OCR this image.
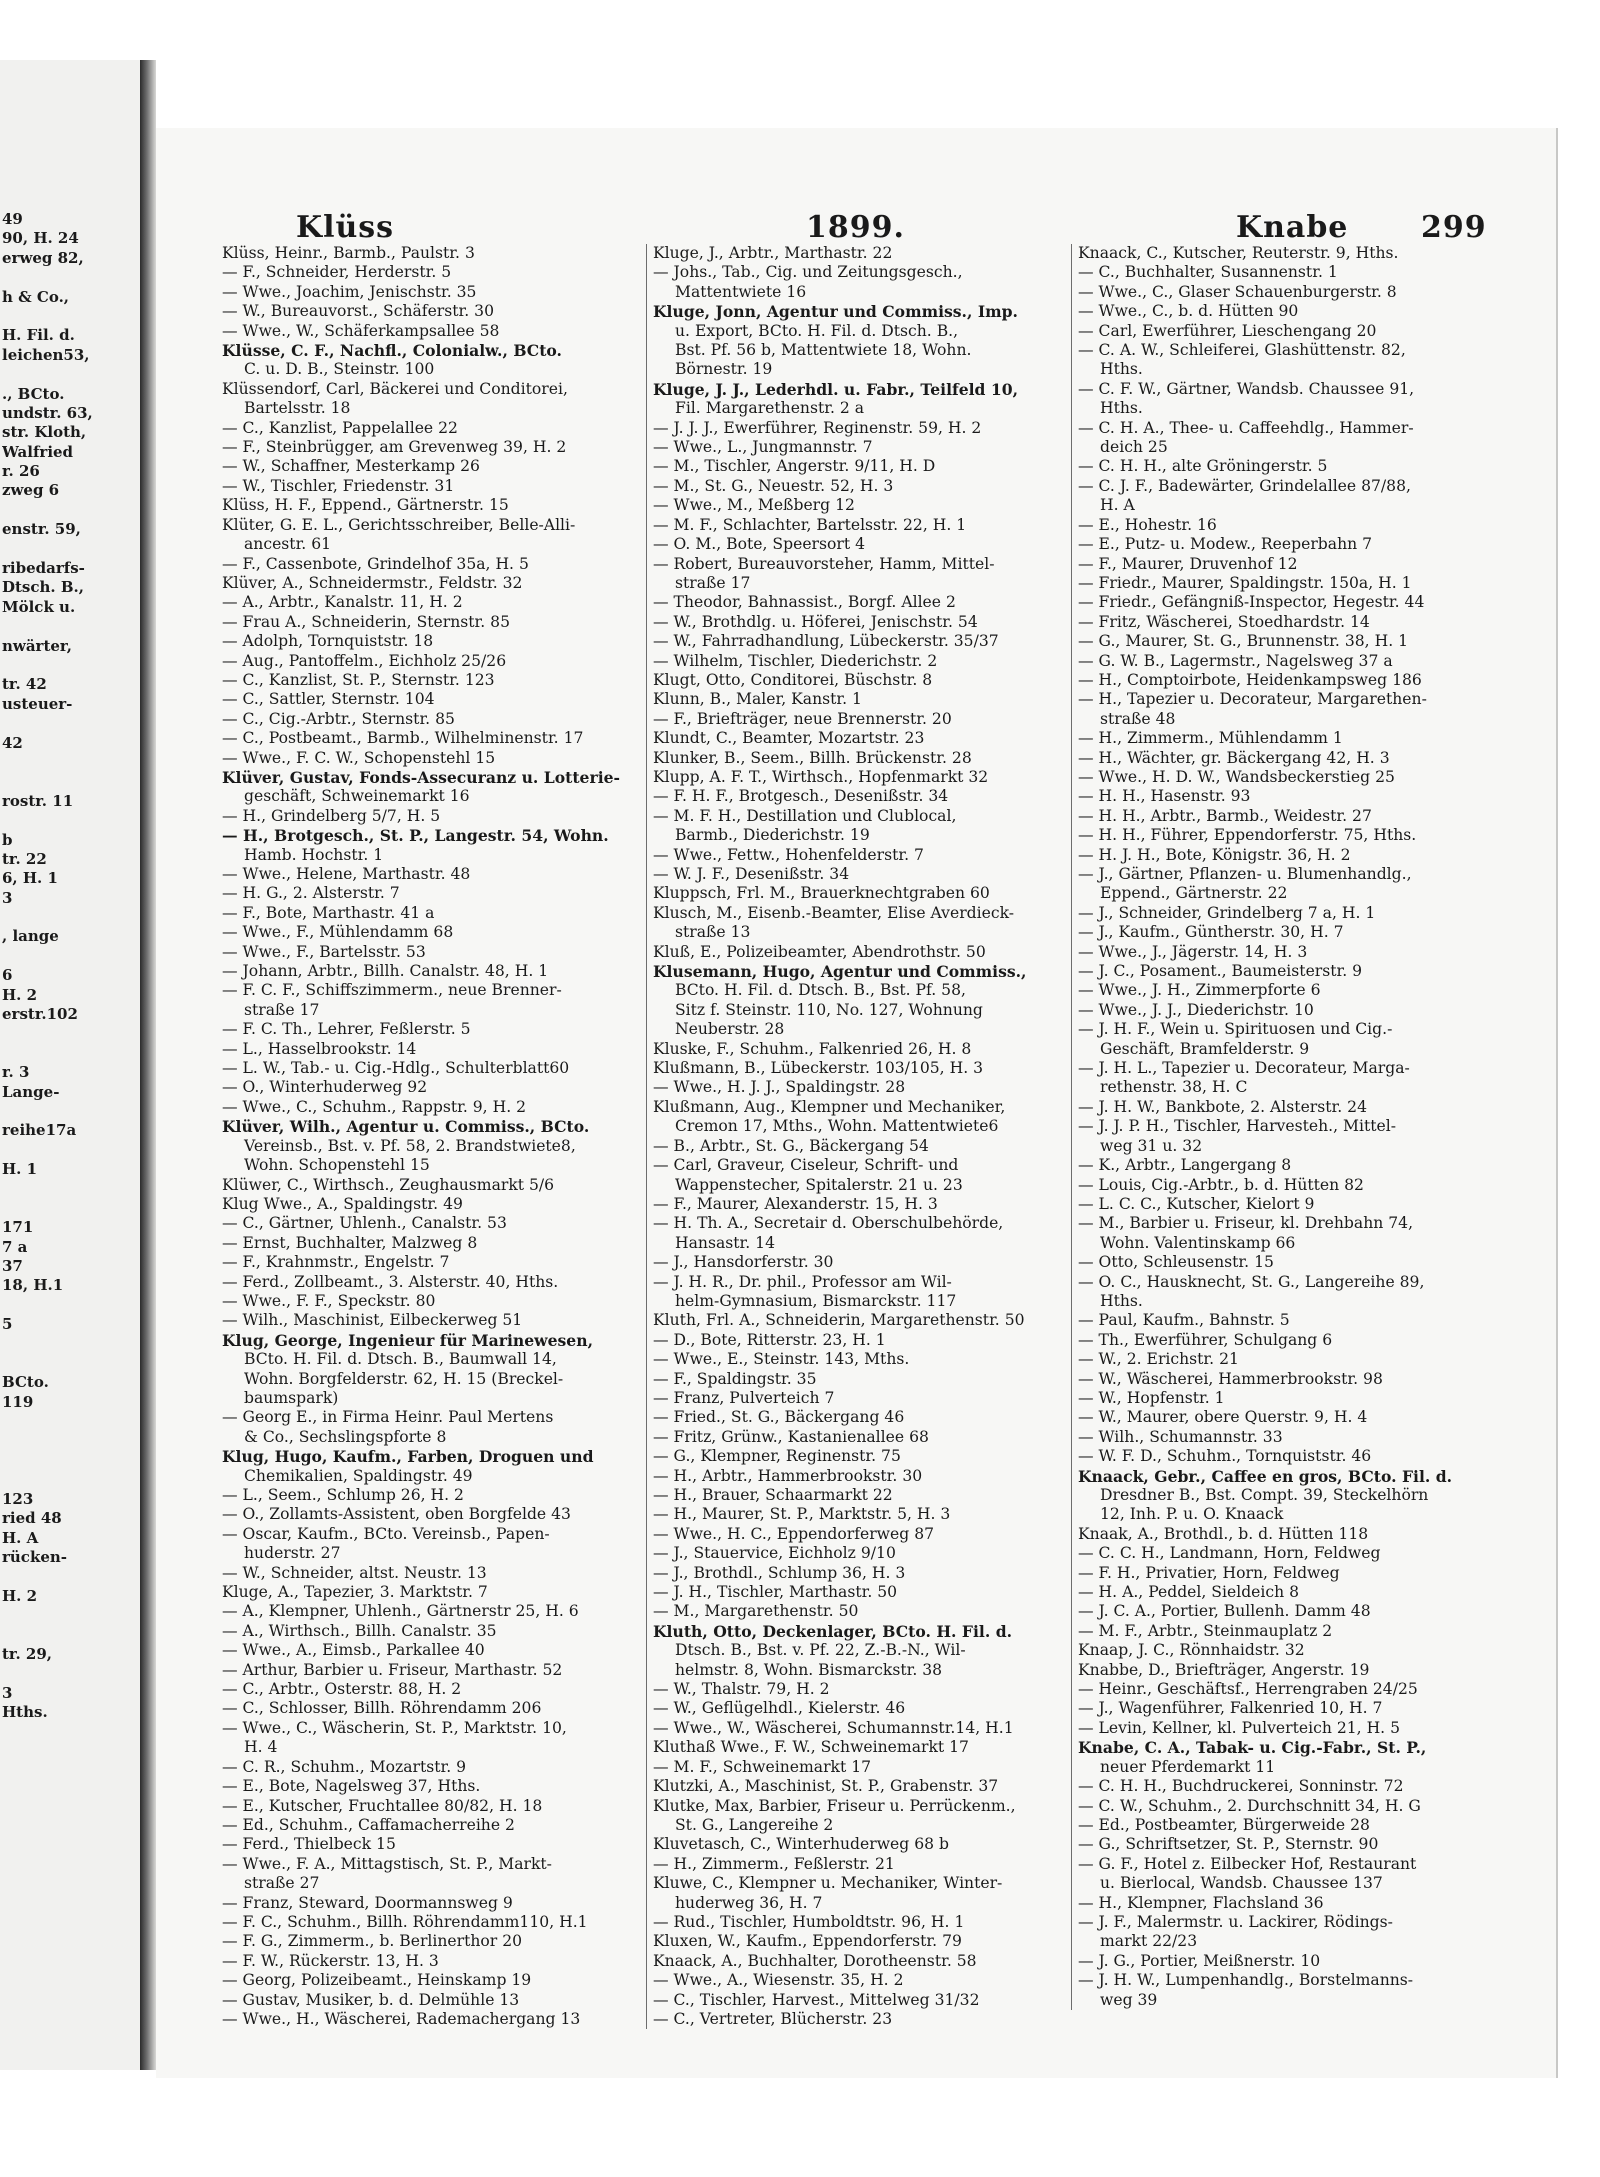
49
90, H. 24
erweg 82,
h & Co.,
H. Fil. d.
leichen53,
., BCto.
undstr. 63,
str. Kloth,
Walfried
r. 26
zweg 6
enstr. 59,
ribedarfs-
Dtsch. B.,
Mölck u.
nwärter,
tr. 42
usteuer-
42
rostr. 11
b
tr. 22
6, H. 1
3
, lange
6
H. 2
erstr.102
r. 3
Lange-
reihe17a
H. 1
171
7 a
37
18, H.1
5
BCto.
119
123
ried 48
H. A
rücken-
H. 2
tr. 29,
3
Hths.
Klüss	1899.	Knabe 299
Klüss, Heinr., Barmb., Paulstr. 3
— F., Schneider, Herderstr. 5
— Wwe., Joachim, Jenischstr. 35
— W., Bureauvorst., Schäferstr. 30
— Wwe., W., Schäferkampsallee 58
Klüsse, C. F., Nachfl., Colonialw., BCto.
C. u. D. B., Steinstr. 100
Klüssendorf, Carl, Bäckerei und Conditorei,
Bartelsstr. 18
— C., Kanzlist, Pappelallee 22
— F., Steinbrügger, am Grevenweg 39, H. 2
— W., Schaffner, Mesterkamp 26
— W., Tischler, Friedenstr. 31
Klüss, H. F., Eppend., Gärtnerstr. 15
Klüter, G. E. L., Gerichtsschreiber, Belle-Alli-
ancestr. 61
— F., Cassenbote, Grindelhof 35a, H. 5
Klüver, A., Schneidermstr., Feldstr. 32
— A., Arbtr., Kanalstr. 11, H. 2
— Frau A., Schneiderin, Sternstr. 85
— Adolph, Tornquiststr. 18
— Aug., Pantoffelm., Eichholz 25/26
— C., Kanzlist, St. P., Sternstr. 123
— C., Sattler, Sternstr. 104
— C., Cig.-Arbtr., Sternstr. 85
— C., Postbeamt., Barmb., Wilhelminenstr. 17
— Wwe., F. C. W., Schopenstehl 15
Klüver, Gustav, Fonds-Assecuranz u. Lotterie-
geschäft, Schweinemarkt 16
— H., Grindelberg 5/7, H. 5
— H., Brotgesch., St. P., Langestr. 54, Wohn.
Hamb. Hochstr. 1
— Wwe., Helene, Marthastr. 48
— H. G., 2. Alsterstr. 7
— F., Bote, Marthastr. 41 a
— Wwe., F., Mühlendamm 68
— Wwe., F., Bartelsstr. 53
— Johann, Arbtr., Billh. Canalstr. 48, H. 1
— F. C. F., Schiffszimmerm., neue Brenner-
straße 17
— F. C. Th., Lehrer, Feßlerstr. 5
— L., Hasselbrookstr. 14
— L. W., Tab.- u. Cig.-Hdlg., Schulterblatt60
— O., Winterhuderweg 92
— Wwe., C., Schuhm., Rappstr. 9, H. 2
Klüver, Wilh., Agentur u. Commiss., BCto.
Vereinsb., Bst. v. Pf. 58, 2. Brandstwiete8,
Wohn. Schopenstehl 15
Klüwer, C., Wirthsch., Zeughausmarkt 5/6
Klug Wwe., A., Spaldingstr. 49
— C., Gärtner, Uhlenh., Canalstr. 53
— Ernst, Buchhalter, Malzweg 8
— F., Krahnmstr., Engelstr. 7
— Ferd., Zollbeamt., 3. Alsterstr. 40, Hths.
— Wwe., F. F., Speckstr. 80
— Wilh., Maschinist, Eilbeckerweg 51
Klug, George, Ingenieur für Marinewesen,
BCto. H. Fil. d. Dtsch. B., Baumwall 14,
Wohn. Borgfelderstr. 62, H. 15 (Breckel-
baumspark)
— Georg E., in Firma Heinr. Paul Mertens
& Co., Sechslingspforte 8
Klug, Hugo, Kaufm., Farben, Droguen und
Chemikalien, Spaldingstr. 49
— L., Seem., Schlump 26, H. 2
— O., Zollamts-Assistent, oben Borgfelde 43
— Oscar, Kaufm., BCto. Vereinsb., Papen-
huderstr. 27
— W., Schneider, altst. Neustr. 13
Kluge, A., Tapezier, 3. Marktstr. 7
— A., Klempner, Uhlenh., Gärtnerstr 25, H. 6
— A., Wirthsch., Billh. Canalstr. 35
— Wwe., A., Eimsb., Parkallee 40
— Arthur, Barbier u. Friseur, Marthastr. 52
— C., Arbtr., Osterstr. 88, H. 2
— C., Schlosser, Billh. Röhrendamm 206
— Wwe., C., Wäscherin, St. P., Marktstr. 10,
H. 4
— C. R., Schuhm., Mozartstr. 9
— E., Bote, Nagelsweg 37, Hths.
— E., Kutscher, Fruchtallee 80/82, H. 18
— Ed., Schuhm., Caffamacherreihe 2
— Ferd., Thielbeck 15
— Wwe., F. A., Mittagstisch, St. P., Markt-
straße 27
— Franz, Steward, Doormannsweg 9
— F. C., Schuhm., Billh. Röhrendamm110, H.1
— F. G., Zimmerm., b. Berlinerthor 20
— F. W., Rückerstr. 13, H. 3
— Georg, Polizeibeamt., Heinskamp 19
— Gustav, Musiker, b. d. Delmühle 13
— Wwe., H., Wäscherei, Rademachergang 13
Kluge, J., Arbtr., Marthastr. 22
— Johs., Tab., Cig. und Zeitungsgesch.,
Mattentwiete 16
Kluge, Jonn, Agentur und Commiss., Imp.
u. Export, BCto. H. Fil. d. Dtsch. B.,
Bst. Pf. 56 b, Mattentwiete 18, Wohn.
Börnestr. 19
Kluge, J. J., Lederhdl. u. Fabr., Teilfeld 10,
Fil. Margarethenstr. 2 a
— J. J. J., Ewerführer, Reginenstr. 59, H. 2
— Wwe., L., Jungmannstr. 7
— M., Tischler, Angerstr. 9/11, H. D
— M., St. G., Neuestr. 52, H. 3
— Wwe., M., Meßberg 12
— M. F., Schlachter, Bartelsstr. 22, H. 1
— O. M., Bote, Speersort 4
— Robert, Bureauvorsteher, Hamm, Mittel-
straße 17
— Theodor, Bahnassist., Borgf. Allee 2
— W., Brothdlg. u. Höferei, Jenischstr. 54
— W., Fahrradhandlung, Lübeckerstr. 35/37
— Wilhelm, Tischler, Diederichstr. 2
Klugt, Otto, Conditorei, Büschstr. 8
Klunn, B., Maler, Kanstr. 1
— F., Briefträger, neue Brennerstr. 20
Klundt, C., Beamter, Mozartstr. 23
Klunker, B., Seem., Billh. Brückenstr. 28
Klupp, A. F. T., Wirthsch., Hopfenmarkt 32
— F. H. F., Brotgesch., Desenißstr. 34
— M. F. H., Destillation und Clublocal,
Barmb., Diederichstr. 19
— Wwe., Fettw., Hohenfelderstr. 7
— W. J. F., Desenißstr. 34
Kluppsch, Frl. M., Brauerknechtgraben 60
Klusch, M., Eisenb.-Beamter, Elise Averdieck-
straße 13
Kluß, E., Polizeibeamter, Abendrothstr. 50
Klusemann, Hugo, Agentur und Commiss.,
BCto. H. Fil. d. Dtsch. B., Bst. Pf. 58,
Sitz f. Steinstr. 110, No. 127, Wohnung
Neuberstr. 28
Kluske, F., Schuhm., Falkenried 26, H. 8
Klußmann, B., Lübeckerstr. 103/105, H. 3
— Wwe., H. J. J., Spaldingstr. 28
Klußmann, Aug., Klempner und Mechaniker,
Cremon 17, Mths., Wohn. Mattentwiete6
— B., Arbtr., St. G., Bäckergang 54
— Carl, Graveur, Ciseleur, Schrift- und
Wappenstecher, Spitalerstr. 21 u. 23
— F., Maurer, Alexanderstr. 15, H. 3
— H. Th. A., Secretair d. Oberschulbehörde,
Hansastr. 14
— J., Hansdorferstr. 30
— J. H. R., Dr. phil., Professor am Wil-
helm-Gymnasium, Bismarckstr. 117
Kluth, Frl. A., Schneiderin, Margarethenstr. 50
— D., Bote, Ritterstr. 23, H. 1
— Wwe., E., Steinstr. 143, Mths.
— F., Spaldingstr. 35
— Franz, Pulverteich 7
— Fried., St. G., Bäckergang 46
— Fritz, Grünw., Kastanienallee 68
— G., Klempner, Reginenstr. 75
— H., Arbtr., Hammerbrookstr. 30
— H., Brauer, Schaarmarkt 22
— H., Maurer, St. P., Marktstr. 5, H. 3
— Wwe., H. C., Eppendorferweg 87
— J., Stauervice, Eichholz 9/10
— J., Brothdl., Schlump 36, H. 3
— J. H., Tischler, Marthastr. 50
— M., Margarethenstr. 50
Kluth, Otto, Deckenlager, BCto. H. Fil. d.
Dtsch. B., Bst. v. Pf. 22, Z.-B.-N., Wil-
helmstr. 8, Wohn. Bismarckstr. 38
— W., Thalstr. 79, H. 2
— W., Geflügelhdl., Kielerstr. 46
— Wwe., W., Wäscherei, Schumannstr.14, H.1
Kluthaß Wwe., F. W., Schweinemarkt 17
— M. F., Schweinemarkt 17
Klutzki, A., Maschinist, St. P., Grabenstr. 37
Klutke, Max, Barbier, Friseur u. Perrückenm.,
St. G., Langereihe 2
Kluvetasch, C., Winterhuderweg 68 b
— H., Zimmerm., Feßlerstr. 21
Kluwe, C., Klempner u. Mechaniker, Winter-
huderweg 36, H. 7
— Rud., Tischler, Humboldtstr. 96, H. 1
Kluxen, W., Kaufm., Eppendorferstr. 79
Knaack, A., Buchhalter, Dorotheenstr. 58
— Wwe., A., Wiesenstr. 35, H. 2
— C., Tischler, Harvest., Mittelweg 31/32
— C., Vertreter, Blücherstr. 23
Knaack, C., Kutscher, Reuterstr. 9, Hths.
— C., Buchhalter, Susannenstr. 1
— Wwe., C., Glaser Schauenburgerstr. 8
— Wwe., C., b. d. Hütten 90
— Carl, Ewerführer, Lieschengang 20
— C. A. W., Schleiferei, Glashüttenstr. 82,
Hths.
— C. F. W., Gärtner, Wandsb. Chaussee 91,
Hths.
— C. H. A., Thee- u. Caffeehdlg., Hammer-
deich 25
— C. H. H., alte Gröningerstr. 5
— C. J. F., Badewärter, Grindelallee 87/88,
H. A
— E., Hohestr. 16
— E., Putz- u. Modew., Reeperbahn 7
— F., Maurer, Druvenhof 12
— Friedr., Maurer, Spaldingstr. 150a, H. 1
— Friedr., Gefängniß-Inspector, Hegestr. 44
— Fritz, Wäscherei, Stoedhardstr. 14
— G., Maurer, St. G., Brunnenstr. 38, H. 1
— G. W. B., Lagermstr., Nagelsweg 37 a
— H., Comptoirbote, Heidenkampsweg 186
— H., Tapezier u. Decorateur, Margarethen-
straße 48
— H., Zimmerm., Mühlendamm 1
— H., Wächter, gr. Bäckergang 42, H. 3
— Wwe., H. D. W., Wandsbeckerstieg 25
— H. H., Hasenstr. 93
— H. H., Arbtr., Barmb., Weidestr. 27
— H. H., Führer, Eppendorferstr. 75, Hths.
— H. J. H., Bote, Königstr. 36, H. 2
— J., Gärtner, Pflanzen- u. Blumenhandlg.,
Eppend., Gärtnerstr. 22
— J., Schneider, Grindelberg 7 a, H. 1
— J., Kaufm., Güntherstr. 30, H. 7
— Wwe., J., Jägerstr. 14, H. 3
— J. C., Posament., Baumeisterstr. 9
— Wwe., J. H., Zimmerpforte 6
— Wwe., J. J., Diederichstr. 10
— J. H. F., Wein u. Spirituosen und Cig.-
Geschäft, Bramfelderstr. 9
— J. H. L., Tapezier u. Decorateur, Marga-
rethenstr. 38, H. C
— J. H. W., Bankbote, 2. Alsterstr. 24
— J. J. P. H., Tischler, Harvesteh., Mittel-
weg 31 u. 32
— K., Arbtr., Langergang 8
— Louis, Cig.-Arbtr., b. d. Hütten 82
— L. C. C., Kutscher, Kielort 9
— M., Barbier u. Friseur, kl. Drehbahn 74,
Wohn. Valentinskamp 66
— Otto, Schleusenstr. 15
— O. C., Hausknecht, St. G., Langereihe 89,
Hths.
— Paul, Kaufm., Bahnstr. 5
— Th., Ewerführer, Schulgang 6
— W., 2. Erichstr. 21
— W., Wäscherei, Hammerbrookstr. 98
— W., Hopfenstr. 1
— W., Maurer, obere Querstr. 9, H. 4
— Wilh., Schumannstr. 33
— W. F. D., Schuhm., Tornquiststr. 46
Knaack, Gebr., Caffee en gros, BCto. Fil. d.
Dresdner B., Bst. Compt. 39, Steckelhörn
12, Inh. P. u. O. Knaack
Knaak, A., Brothdl., b. d. Hütten 118
— C. C. H., Landmann, Horn, Feldweg
— F. H., Privatier, Horn, Feldweg
— H. A., Peddel, Sieldeich 8
— J. C. A., Portier, Bullenh. Damm 48
— M. F., Arbtr., Steinmauplatz 2
Knaap, J. C., Rönnhaidstr. 32
Knabbe, D., Briefträger, Angerstr. 19
— Heinr., Geschäftsf., Herrengraben 24/25
— J., Wagenführer, Falkenried 10, H. 7
— Levin, Kellner, kl. Pulverteich 21, H. 5
Knabe, C. A., Tabak- u. Cig.-Fabr., St. P.,
neuer Pferdemarkt 11
— C. H. H., Buchdruckerei, Sonninstr. 72
— C. W., Schuhm., 2. Durchschnitt 34, H. G
— Ed., Postbeamter, Bürgerweide 28
— G., Schriftsetzer, St. P., Sternstr. 90
— G. F., Hotel z. Eilbecker Hof, Restaurant
u. Bierlocal, Wandsb. Chaussee 137
— H., Klempner, Flachsland 36
— J. F., Malermstr. u. Lackirer, Rödings-
markt 22/23
— J. G., Portier, Meißnerstr. 10
— J. H. W., Lumpenhandlg., Borstelmanns-
weg 39
